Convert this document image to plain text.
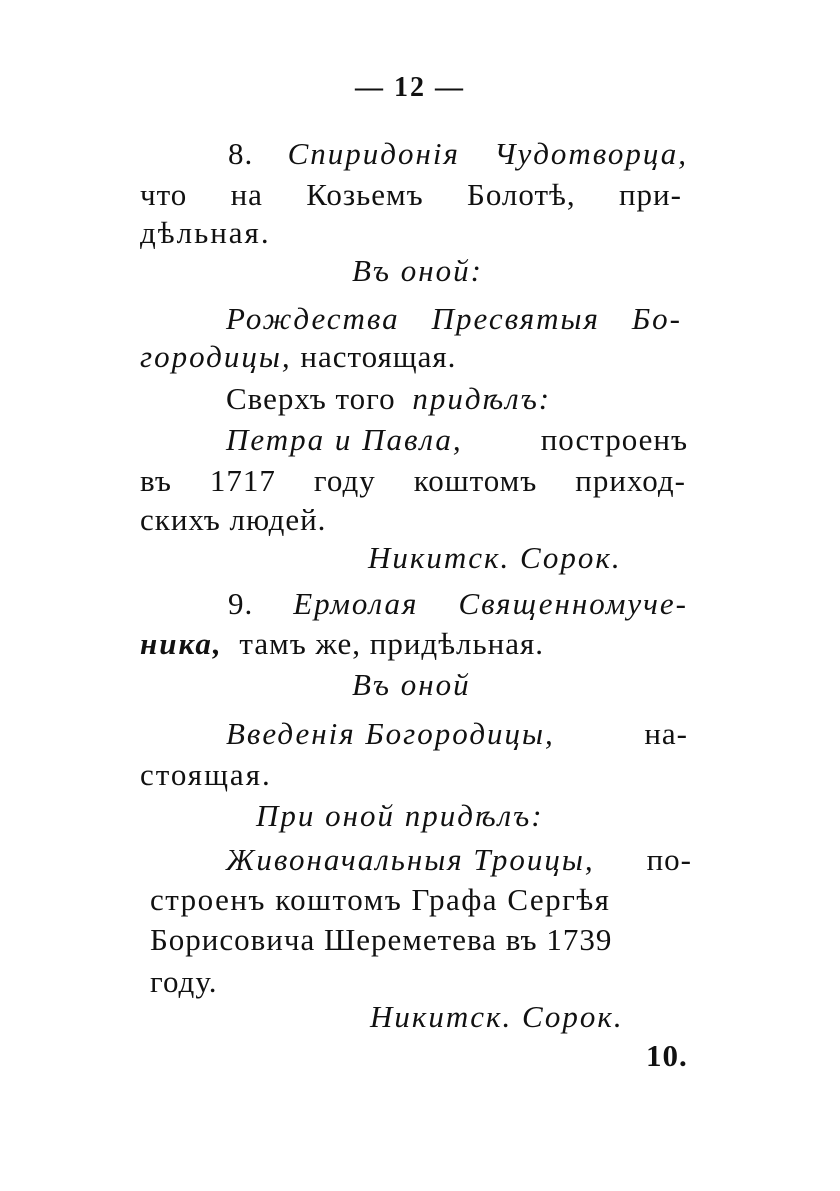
— 12 —
8. Спиридонія Чудотворца,
что на Козьемъ Болотѣ, при-
дѣльная.
Въ оной:
Рождества Пресвятыя Бо-
городицы, настоящая.
Сверхъ того придѣлъ:
Петра и Павла,	построенъ
въ 1717 году коштомъ приход-
скихъ людей.
Никитск. Сорок.
9. Ермолая Священномуче-
ника, тамъ же, придѣльная.
Въ оной
Введенія Богородицы,	на-
стоящая.
При оной придѣлъ:
Живоначальныя Троицы, по-
строенъ коштомъ Графа Сергѣя
Борисовича Шереметева въ 1739
году.
Никитск. Сорок.
10.
